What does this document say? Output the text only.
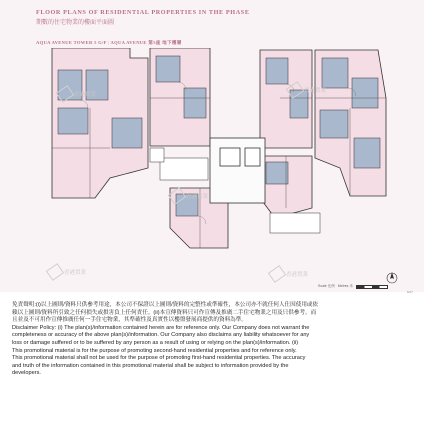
FLOOR PLANS OF RESIDENTIAL PROPERTIES IN THE PHASE
期數的住宅物業的樓面平面圖
AQUA AVENUE TOWER 5 G/F | AQUA AVENUE 第5座 地下樓層
香港置業
香港置業
香港置業
香港置業	香港置業
Scale 比例 Metres 米
6/17

免責聲明:(i)以上圖則/資料只供參考用途，本公司不保證以上圖則/資料的完整性或準確性，本公司亦不就任何人仕因使用或依

賴以上圖則/資料所引致之任何損失或損害負上任何責任。(ii)本宣傳資料只可作宣傳及推廣二手住宅物業之用及只供參考。而

且並及不可用作宣傳推廣任何一手住宅物業，其準確性及真實性以樓盤發展商提供的資料為準。

Disclaimer Policy: (i) The plan(s)/information contained herein are for reference only. Our Company does not warrant the

completeness or accuracy of the above plan(s)/information. Our Company also disclaims any liability whatsoever for any

loss or damage suffered or to be suffered by any person as a result of using or relying on the plan(s)/information. (ii)

This promotional material is for the purpose of promoting second-hand residential properties and for reference only.

This promotional material shall not be used for the purpose of promoting first-hand residential properties. The accuracy

and truth of the information contained in this promotional material shall be subject to information provided by the

developers.
